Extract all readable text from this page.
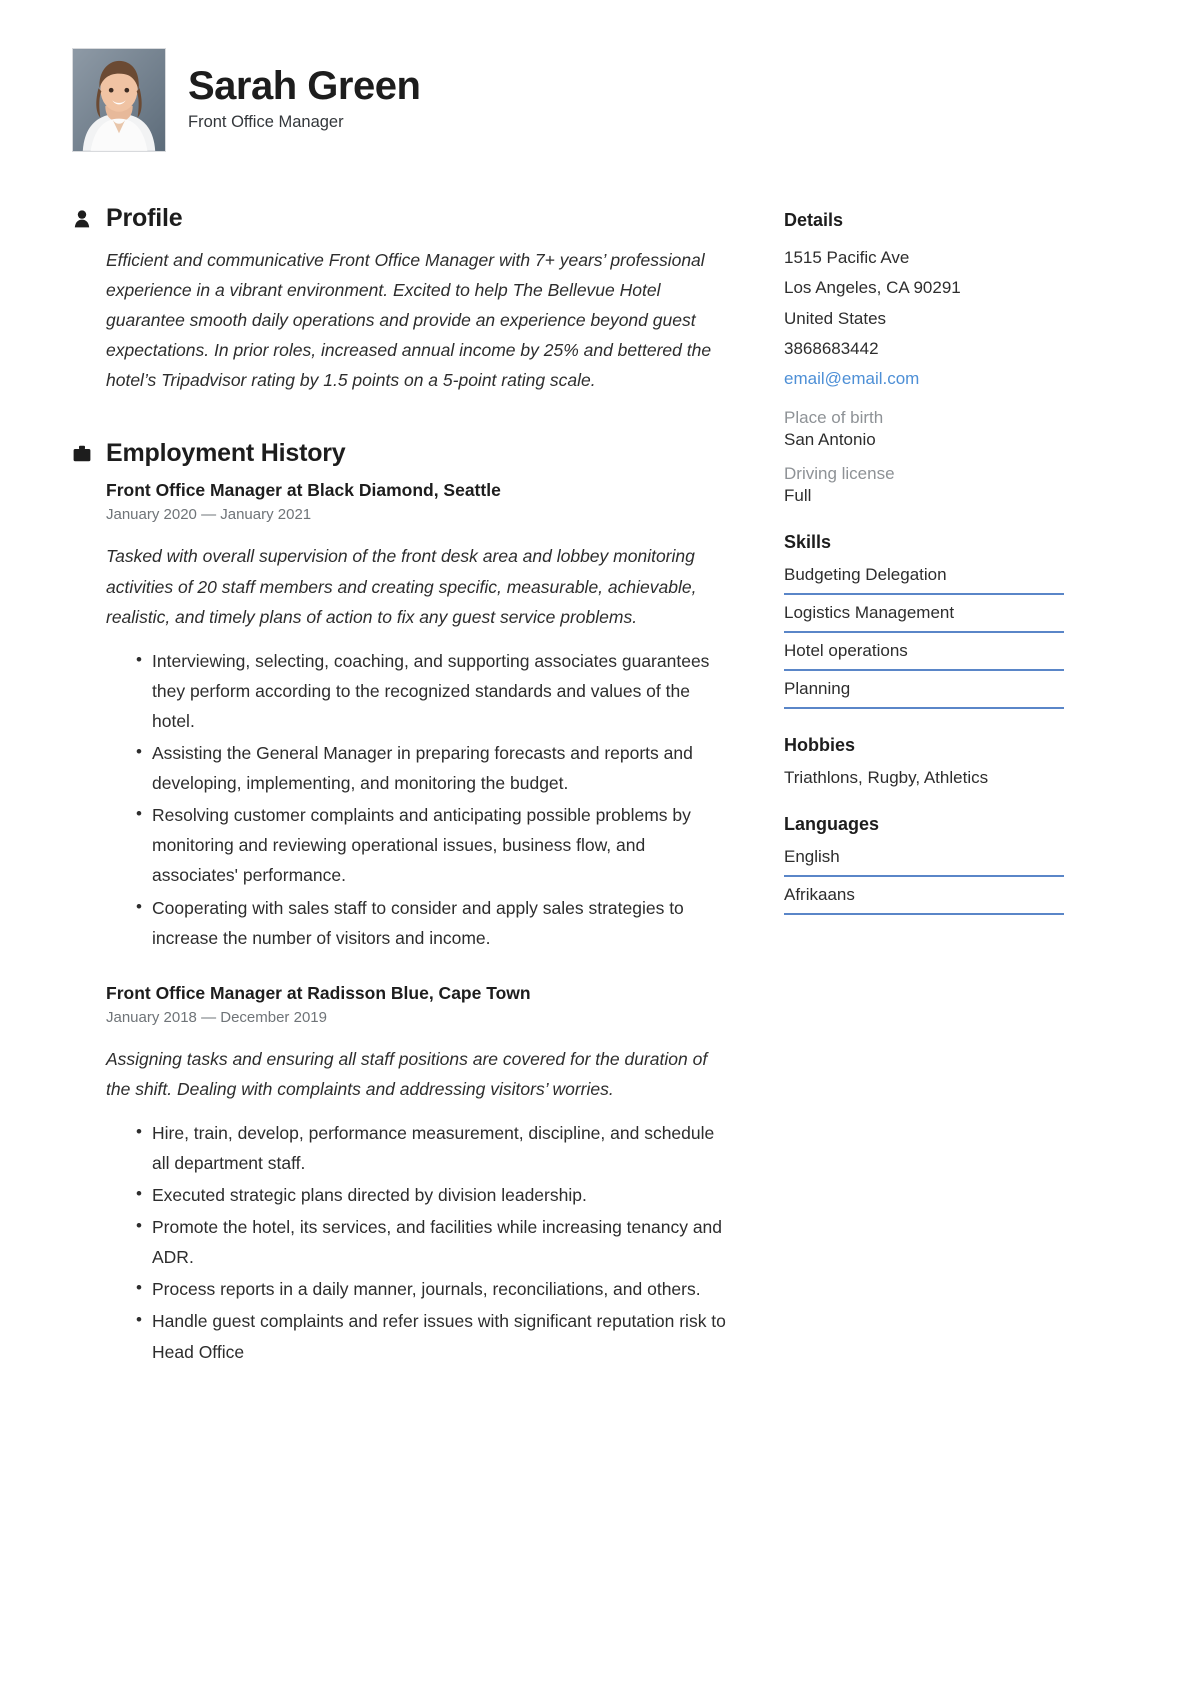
Sarah Green
Front Office Manager
Profile
Efficient and communicative Front Office Manager with 7+ years’ professional experience in a vibrant environment. Excited to help The Bellevue Hotel guarantee smooth daily operations and provide an experience beyond guest expectations. In prior roles, increased annual income by 25% and bettered the hotel’s Tripadvisor rating by 1.5 points on a 5-point rating scale.
Employment History
Front Office Manager at Black Diamond, Seattle
January 2020 — January 2021
Tasked with overall supervision of the front desk area and lobbey monitoring activities of 20 staff members and creating specific, measurable, achievable, realistic, and timely plans of action to fix any guest service problems.
• Interviewing, selecting, coaching, and supporting associates guarantees they perform according to the recognized standards and values of the hotel.
• Assisting the General Manager in preparing forecasts and reports and developing, implementing, and monitoring the budget.
• Resolving customer complaints and anticipating possible problems by monitoring and reviewing operational issues, business flow, and associates' performance.
• Cooperating with sales staff to consider and apply sales strategies to increase the number of visitors and income.
Front Office Manager at Radisson Blue, Cape Town
January 2018 — December 2019
Assigning tasks and ensuring all staff positions are covered for the duration of the shift. Dealing with complaints and addressing visitors’ worries.
• Hire, train, develop, performance measurement, discipline, and schedule all department staff.
• Executed strategic plans directed by division leadership.
• Promote the hotel, its services, and facilities while increasing tenancy and ADR.
• Process reports in a daily manner, journals, reconciliations, and others.
• Handle guest complaints and refer issues with significant reputation risk to Head Office
Details
1515 Pacific Ave
Los Angeles, CA 90291
United States
3868683442
email@email.com
Place of birth
San Antonio
Driving license
Full
Skills
Budgeting Delegation
Logistics Management
Hotel operations
Planning
Hobbies
Triathlons, Rugby, Athletics
Languages
English
Afrikaans
